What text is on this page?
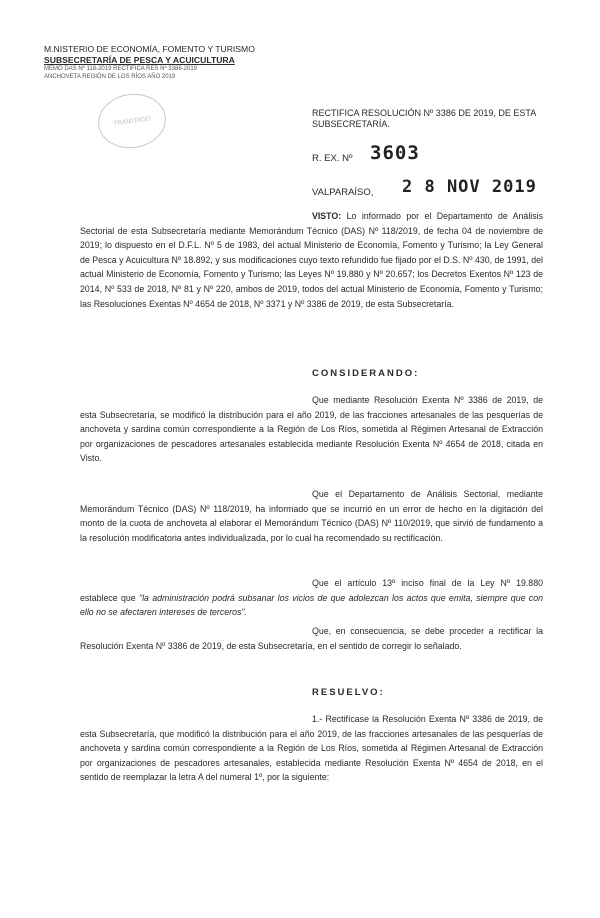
M.NISTERIO DE ECONOMÍA, FOMENTO Y TURISMO
SUBSECRETARÍA DE PESCA Y ACUICULTURA
MEMO DAS Nº 118-2019 RECTIFICA RES Nº 3386-2019
ANCHOVETA REGIÓN DE LOS RÍOS AÑO 2019
TRAMITADO
RECTIFICA RESOLUCIÓN Nº 3386 DE 2019, DE ESTA
SUBSECRETARÍA.
R. EX. Nº 3603
VALPARAÍSO, 2 8 NOV 2019
VISTO: Lo informado por el Departamento de Análisis Sectorial de esta Subsecretaría mediante Memorándum Técnico (DAS) Nº 118/2019, de fecha 04 de noviembre de 2019; lo dispuesto en el D.F.L. Nº 5 de 1983, del actual Ministerio de Economía, Fomento y Turismo; la Ley General de Pesca y Acuicultura Nº 18.892, y sus modificaciones cuyo texto refundido fue fijado por el D.S. Nº 430, de 1991, del actual Ministerio de Economía, Fomento y Turismo; las Leyes Nº 19.880 y Nº 20.657; los Decretos Exentos Nº 123 de 2014, Nº 533 de 2018, Nº 81 y Nº 220, ambos de 2019, todos del actual Ministerio de Economía, Fomento y Turismo; las Resoluciones Exentas Nº 4654 de 2018, Nº 3371 y Nº 3386 de 2019, de esta Subsecretaría.
CONSIDERANDO:
Que mediante Resolución Exenta Nº 3386 de 2019, de esta Subsecretaría, se modificó la distribución para el año 2019, de las fracciones artesanales de las pesquerías de anchoveta y sardina común correspondiente a la Región de Los Ríos, sometida al Régimen Artesanal de Extracción por organizaciones de pescadores artesanales establecida mediante Resolución Exenta Nº 4654 de 2018, citada en Visto.
Que el Departamento de Análisis Sectorial, mediante Memorándum Técnico (DAS) Nº 118/2019, ha informado que se incurrió en un error de hecho en la digitación del monto de la cuota de anchoveta al elaborar el Memorándum Técnico (DAS) Nº 110/2019, que sirvió de fundamento a la resolución modificatoria antes individualizada, por lo cual ha recomendado su rectificación.
Que el artículo 13º inciso final de la Ley Nº 19.880 establece que "la administración podrá subsanar los vicios de que adolezcan los actos que emita, siempre que con ello no se afectaren intereses de terceros".
Que, en consecuencia, se debe proceder a rectificar la Resolución Exenta Nº 3386 de 2019, de esta Subsecretaría, en el sentido de corregir lo señalado.
RESUELVO:
1.- Rectifícase la Resolución Exenta Nº 3386 de 2019, de esta Subsecretaría, que modificó la distribución para el año 2019, de las fracciones artesanales de las pesquerías de anchoveta y sardina común correspondiente a la Región de Los Ríos, sometida al Régimen Artesanal de Extracción por organizaciones de pescadores artesanales, establecida mediante Resolución Exenta Nº 4654 de 2018, en el sentido de reemplazar la letra A del numeral 1º, por la siguiente:
